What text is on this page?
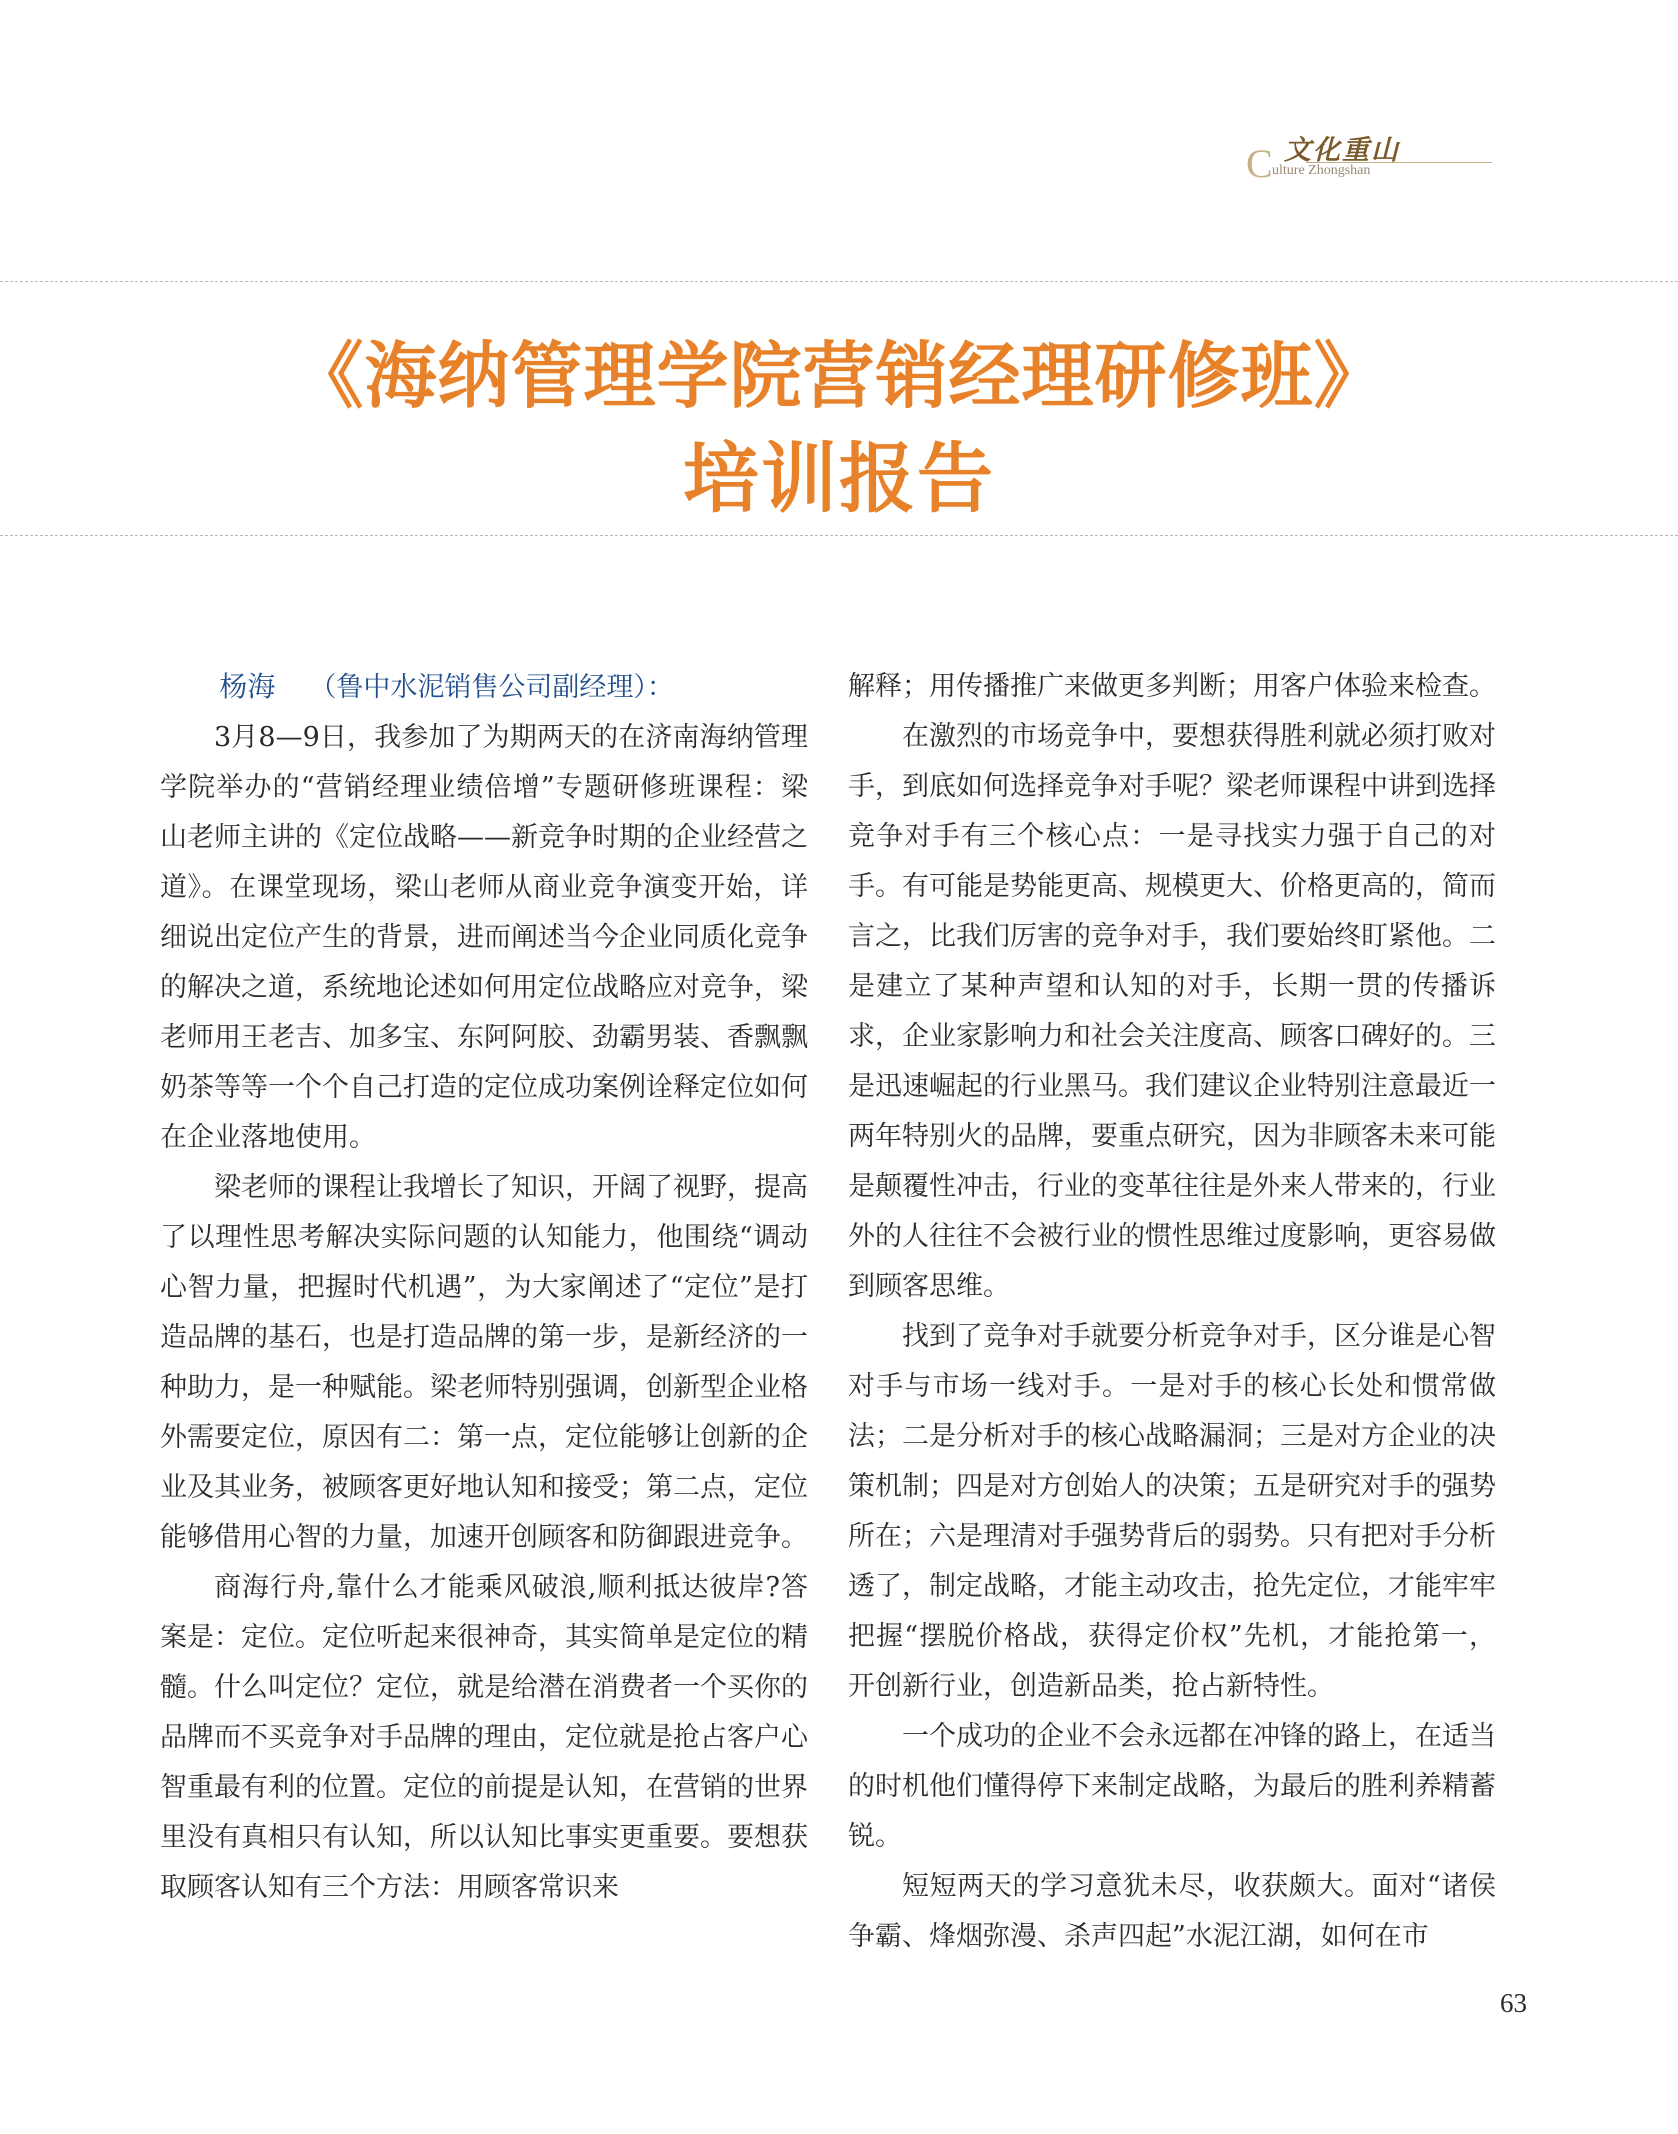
文化重山
C ulture Zhongshan
《海纳管理学院营销经理研修班》
培训报告

杨海 （鲁中水泥销售公司副经理）：

3月8—9日，我参加了为期两天的在济南海纳管理学院举办的“营销经理业绩倍增”专题研修班课程：梁山老师主讲的《定位战略——新竞争时期的企业经营之道》。在课堂现场，梁山老师从商业竞争演变开始，详细说出定位产生的背景，进而阐述当今企业同质化竞争的解决之道，系统地论述如何用定位战略应对竞争，梁老师用王老吉、加多宝、东阿阿胶、劲霸男装、香飘飘奶茶等等一个个自己打造的定位成功案例诠释定位如何在企业落地使用。

梁老师的课程让我增长了知识，开阔了视野，提高了以理性思考解决实际问题的认知能力，他围绕“调动心智力量，把握时代机遇”，为大家阐述了“定位”是打造品牌的基石，也是打造品牌的第一步，是新经济的一种助力，是一种赋能。梁老师特别强调，创新型企业格外需要定位，原因有二：第一点，定位能够让创新的企业及其业务，被顾客更好地认知和接受；第二点，定位能够借用心智的力量，加速开创顾客和防御跟进竞争。

商海行舟,靠什么才能乘风破浪,顺利抵达彼岸?答案是：定位。定位听起来很神奇，其实简单是定位的精髓。什么叫定位？定位，就是给潜在消费者一个买你的品牌而不买竞争对手品牌的理由，定位就是抢占客户心智重最有利的位置。定位的前提是认知，在营销的世界里没有真相只有认知，所以认知比事实更重要。要想获取顾客认知有三个方法：用顾客常识来

解释；用传播推广来做更多判断；用客户体验来检查。

在激烈的市场竞争中，要想获得胜利就必须打败对手，到底如何选择竞争对手呢？梁老师课程中讲到选择竞争对手有三个核心点：一是寻找实力强于自己的对手。有可能是势能更高、规模更大、价格更高的，简而言之，比我们厉害的竞争对手，我们要始终盯紧他。二是建立了某种声望和认知的对手，长期一贯的传播诉求，企业家影响力和社会关注度高、顾客口碑好的。三是迅速崛起的行业黑马。我们建议企业特别注意最近一两年特别火的品牌，要重点研究，因为非顾客未来可能是颠覆性冲击，行业的变革往往是外来人带来的，行业外的人往往不会被行业的惯性思维过度影响，更容易做到顾客思维。

找到了竞争对手就要分析竞争对手，区分谁是心智对手与市场一线对手。一是对手的核心长处和惯常做法；二是分析对手的核心战略漏洞；三是对方企业的决策机制；四是对方创始人的决策；五是研究对手的强势所在；六是理清对手强势背后的弱势。只有把对手分析透了，制定战略，才能主动攻击，抢先定位，才能牢牢把握“摆脱价格战，获得定价权”先机，才能抢第一，开创新行业，创造新品类，抢占新特性。

一个成功的企业不会永远都在冲锋的路上，在适当的时机他们懂得停下来制定战略，为最后的胜利养精蓄锐。

短短两天的学习意犹未尽，收获颇大。面对“诸侯争霸、烽烟弥漫、杀声四起”水泥江湖，如何在市

63
